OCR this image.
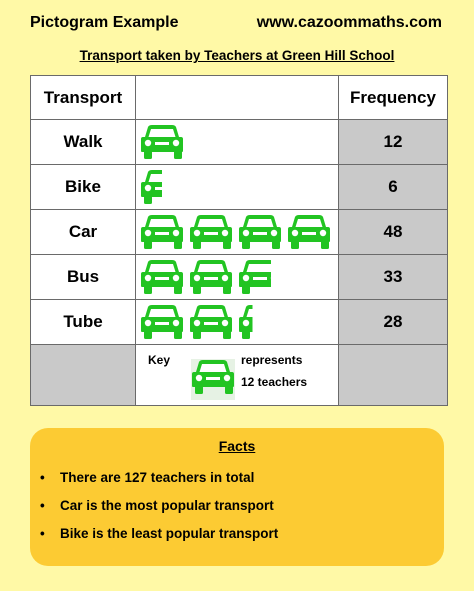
Pictogram Example	www.cazoommaths.com
Transport taken by Teachers at Green Hill School
Transport		Frequency
Walk		12
Bike		6
Car		48
Bus		33
Tube		28

	Key represents
12 teachers	

Facts
• There are 127 teachers in total
• Car is the most popular transport
• Bike is the least popular transport
